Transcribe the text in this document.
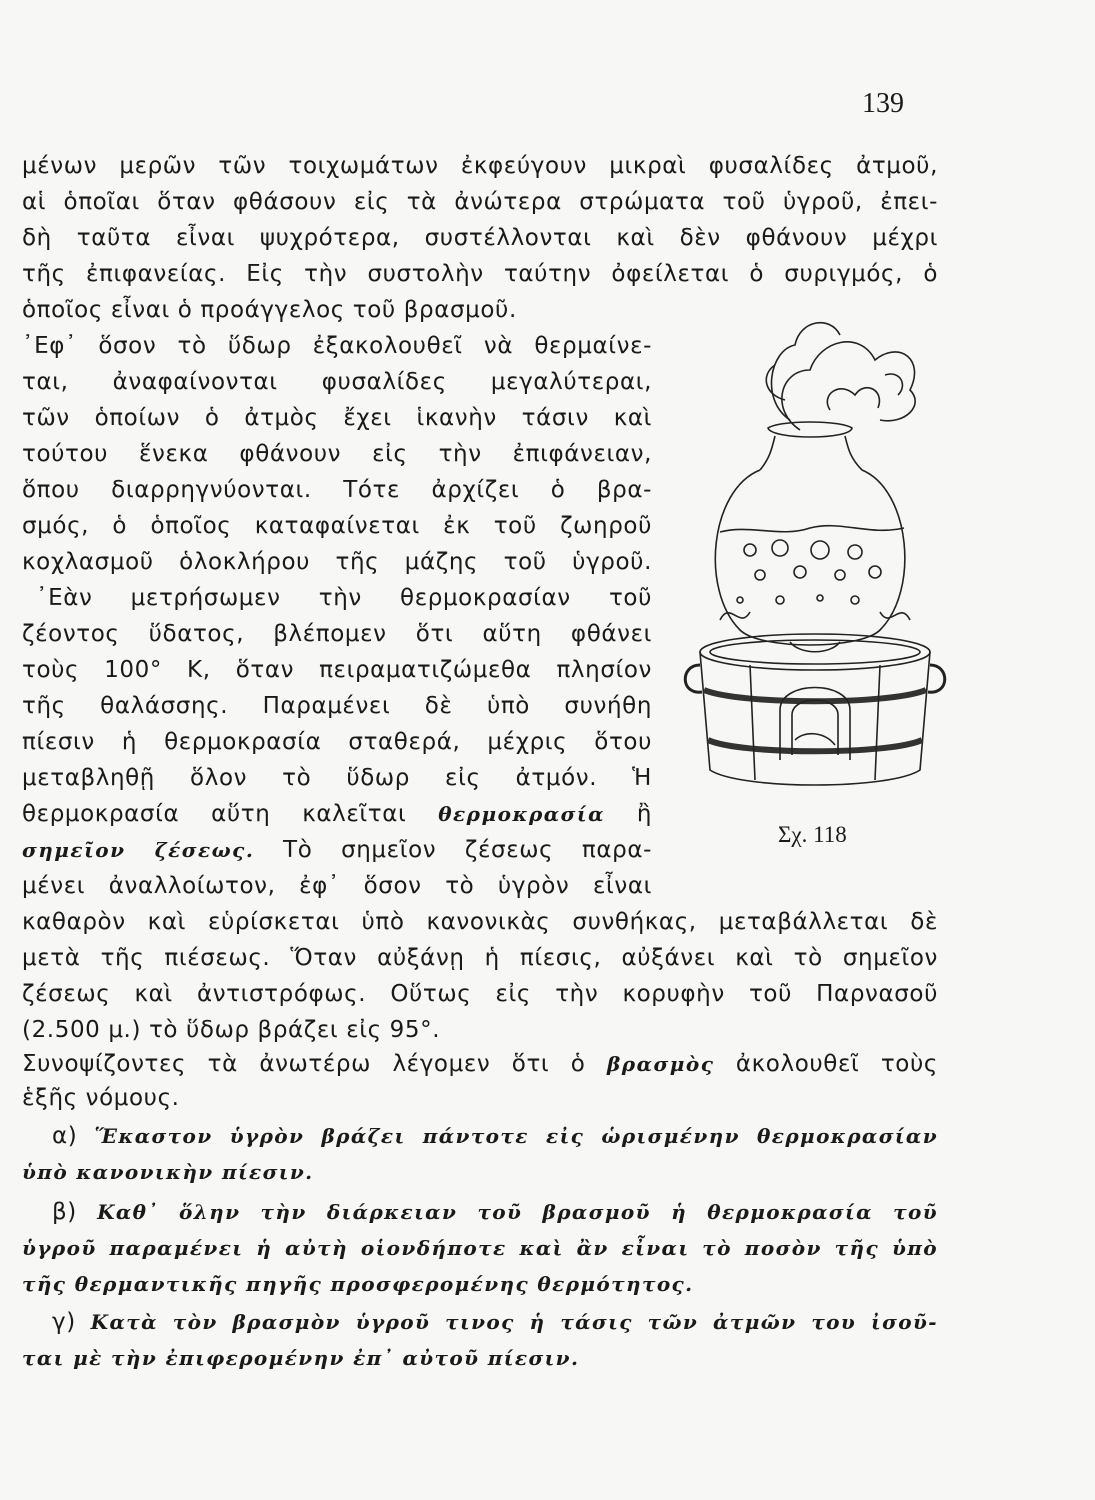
139
μένων μερῶν τῶν τοιχωμάτων ἐκφεύγουν μικραὶ φυσαλίδες ἀτμοῦ,
αἱ ὁποῖαι ὅταν φθάσουν εἰς τὰ ἀνώτερα στρώματα τοῦ ὑγροῦ, ἐπει-
δὴ ταῦτα εἶναι ψυχρότερα, συστέλλονται καὶ δὲν φθάνουν μέχρι
τῆς ἐπιφανείας. Εἰς τὴν συστολὴν ταύτην ὀφείλεται ὁ συριγμός, ὁ
ὁποῖος εἶναι ὁ προάγγελος τοῦ βρασμοῦ.
᾿Εφ᾿ ὅσον τὸ ὕδωρ ἐξακολουθεῖ νὰ θερμαίνε-
ται, ἀναφαίνονται φυσαλίδες μεγαλύτεραι,
τῶν ὁποίων ὁ ἀτμὸς ἔχει ἱκανὴν τάσιν καὶ
τούτου ἕνεκα φθάνουν εἰς τὴν ἐπιφάνειαν,
ὅπου διαρρηγνύονται. Τότε ἀρχίζει ὁ βρα-
σμός, ὁ ὁποῖος καταφαίνεται ἐκ τοῦ ζωηροῦ
κοχλασμοῦ ὁλοκλήρου τῆς μάζης τοῦ ὑγροῦ.
᾿Εὰν μετρήσωμεν τὴν θερμοκρασίαν τοῦ
ζέοντος ὕδατος, βλέπομεν ὅτι αὕτη φθάνει
τοὺς 100° Κ, ὅταν πειραματιζώμεθα πλησίον
τῆς θαλάσσης. Παραμένει δὲ ὑπὸ συνήθη
πίεσιν ἡ θερμοκρασία σταθερά, μέχρις ὅτου
μεταβληθῇ ὅλον τὸ ὕδωρ εἰς ἀτμόν. Ἡ
θερμοκρασία αὕτη καλεῖται θερμοκρασία ἢ
σημεῖον ζέσεως. Τὸ σημεῖον ζέσεως παρα-
μένει ἀναλλοίωτον, ἐφ᾿ ὅσον τὸ ὑγρὸν εἶναι
καθαρὸν καὶ εὑρίσκεται ὑπὸ κανονικὰς συνθήκας, μεταβάλλεται δὲ
μετὰ τῆς πιέσεως. Ὅταν αὐξάνῃ ἡ πίεσις, αὐξάνει καὶ τὸ σημεῖον
ζέσεως καὶ ἀντιστρόφως. Οὕτως εἰς τὴν κορυφὴν τοῦ Παρνασοῦ
(2.500 μ.) τὸ ὕδωρ βράζει εἰς 95°.
Συνοψίζοντες τὰ ἀνωτέρω λέγομεν ὅτι ὁ βρασμὸς ἀκολουθεῖ τοὺς
ἑξῆς νόμους.
α) Ἕκαστον ὑγρὸν βράζει πάντοτε εἰς ὡρισμένην θερμοκρασίαν
ὑπὸ κανονικὴν πίεσιν.
β) Καθ᾿ ὅλην τὴν διάρκειαν τοῦ βρασμοῦ ἡ θερμοκρασία τοῦ
ὑγροῦ παραμένει ἡ αὐτὴ οἱονδήποτε καὶ ἂν εἶναι τὸ ποσὸν τῆς ὑπὸ
τῆς θερμαντικῆς πηγῆς προσφερομένης θερμότητος.
γ) Κατὰ τὸν βρασμὸν ὑγροῦ τινος ἡ τάσις τῶν ἀτμῶν του ἰσοῦ-
ται μὲ τὴν ἐπιφερομένην ἐπ᾿ αὐτοῦ πίεσιν.
Σχ. 118
